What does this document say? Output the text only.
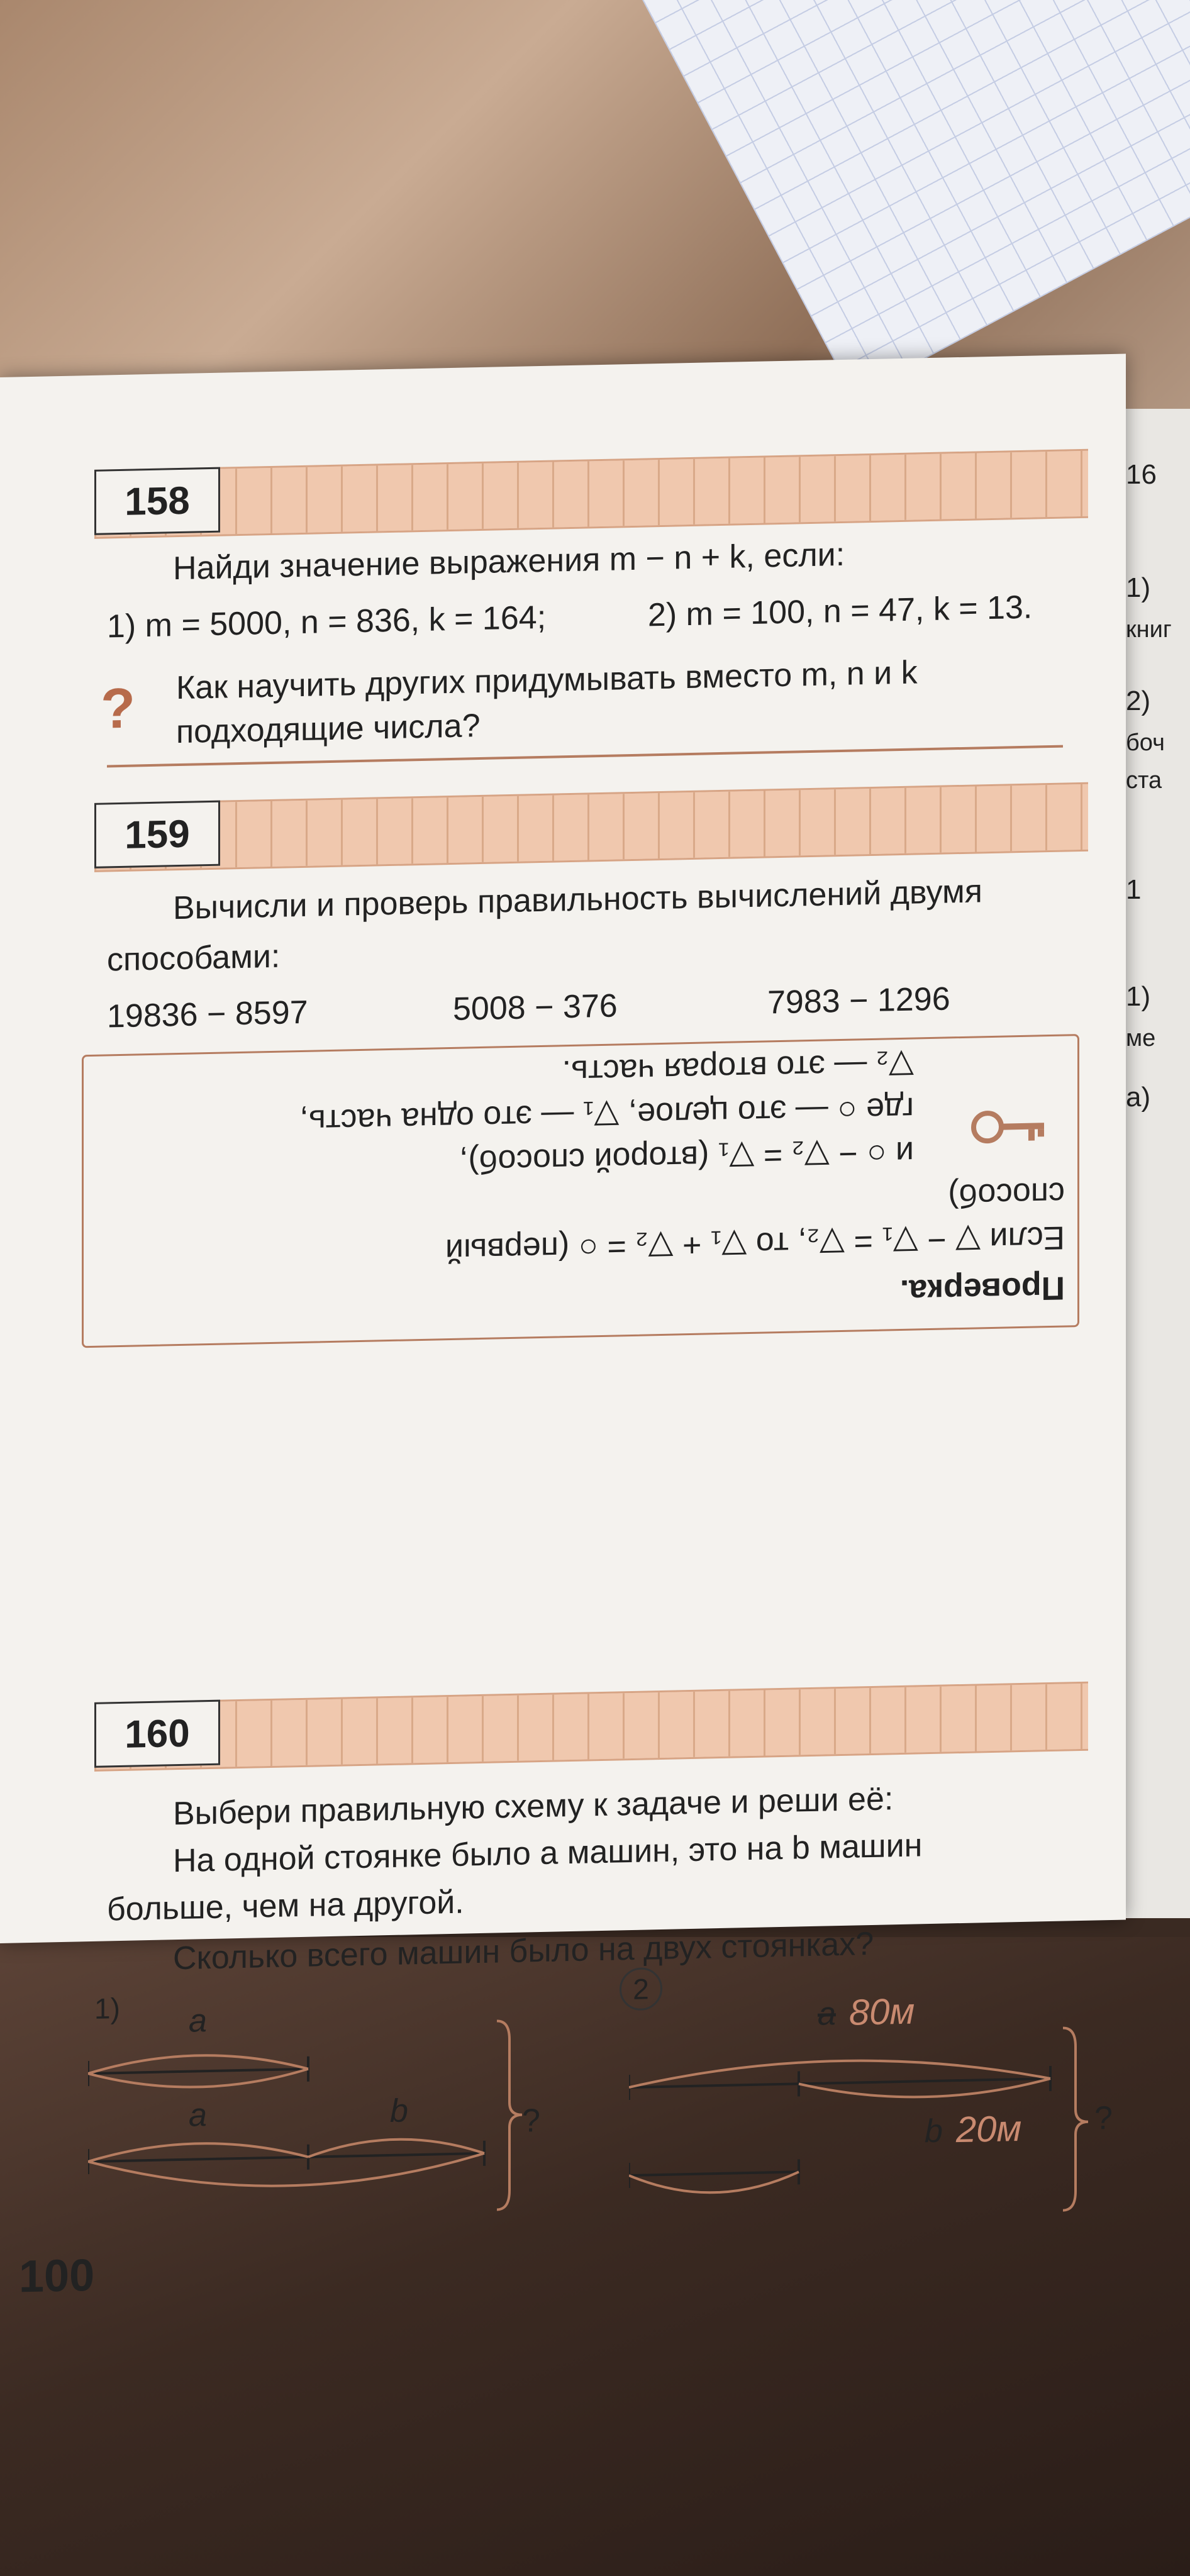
16
1)
книг
2)
боч
ста
1
1)
ме
а)
158
Найди значение выражения m − n + k, если:
1) m = 5000, n = 836, k = 164;	2) m = 100, n = 47, k = 13.
?	Как научить других придумывать вместо m, n и k
подходящие числа?
159
Вычисли и проверь правильность вычислений двумя
способами:
19836 − 8597	5008 − 376	7983 − 1296
Проверка.
Если ▽ − ▽₁ = ▽₂, то ▽₁ + ▽₂ = ○ (первый
способ)
и ○ − ▽₂ = ▽₁ (второй способ),
где ○ — это целое, ▽₁ — это одна часть,
▽₂ — это вторая часть.
160
Выбери правильную схему к задаче и реши её:
На одной стоянке было a машин, это на b машин
больше, чем на другой.
Сколько всего машин было на двух стоянках?
1) a
a	b	?
2
a 80м
b 20м ?
100
